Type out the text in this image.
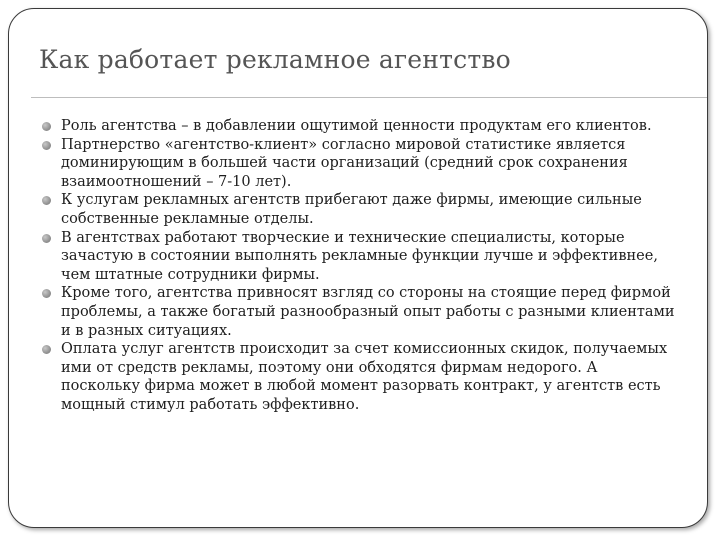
Как работает рекламное агентство
Роль агентства – в добавлении ощутимой ценности продуктам его клиентов.
Партнерство «агентство-клиент» согласно мировой статистике является доминирующим в большей части организаций (средний срок сохранения взаимоотношений – 7-10 лет).
К услугам рекламных агентств прибегают даже фирмы, имеющие сильные собственные рекламные отделы.
В агентствах работают творческие и технические специалисты, которые зачастую в состоянии выполнять рекламные функции лучше и эффективнее, чем штатные сотрудники фирмы.
Кроме того, агентства привносят взгляд со стороны на стоящие перед фирмой проблемы, а также богатый разнообразный опыт работы с разными клиентами и в разных ситуациях.
Оплата услуг агентств происходит за счет комиссионных скидок, получаемых ими от средств рекламы, поэтому они обходятся фирмам недорого. А поскольку фирма может в любой момент разорвать контракт, у агентств есть мощный стимул работать эффективно.
